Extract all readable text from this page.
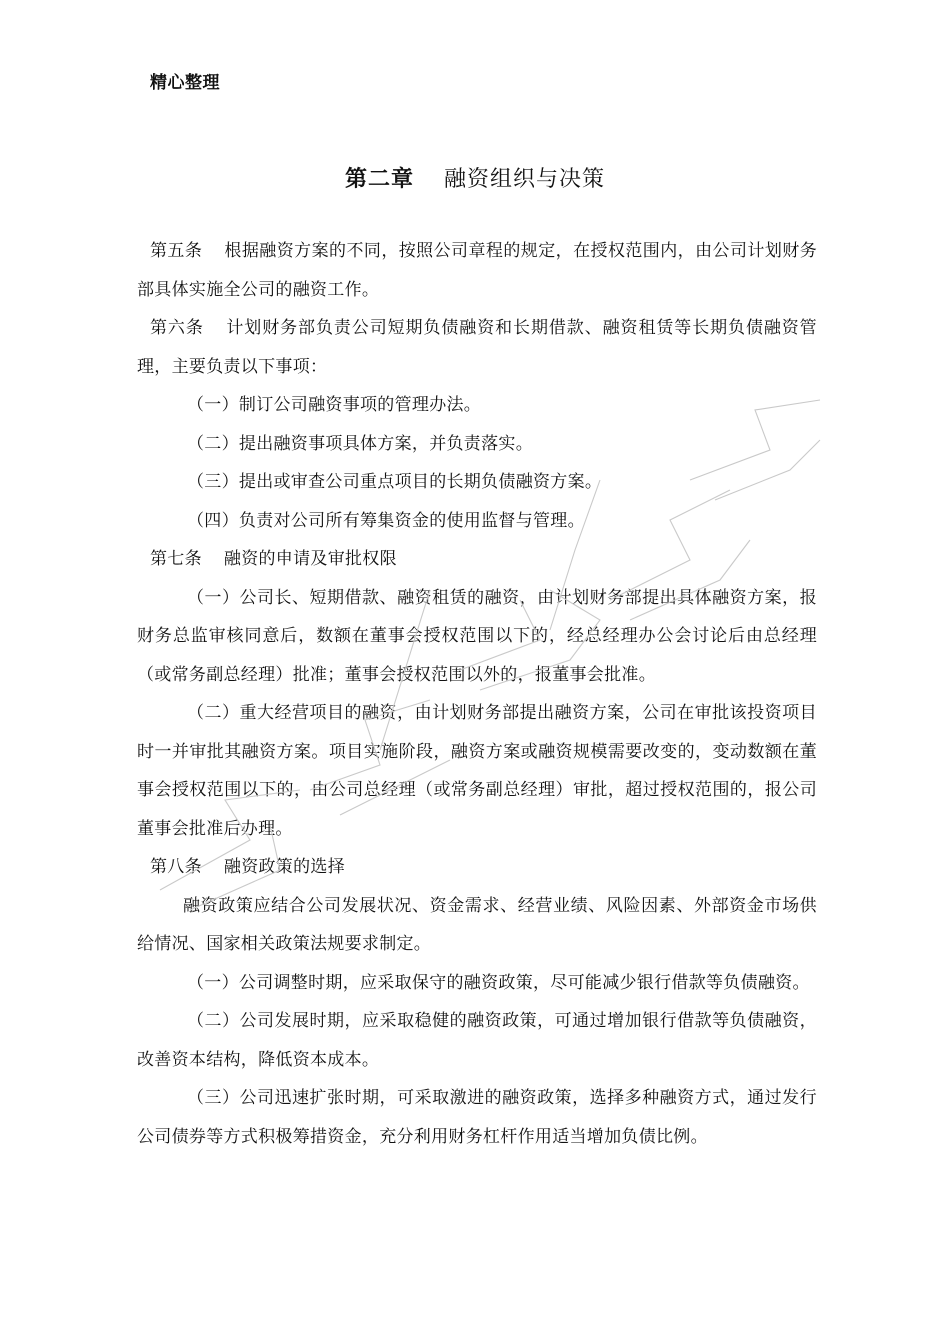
精心整理
第二章 融资组织与决策

第五条 根据融资方案的不同，按照公司章程的规定，在授权范围内，由公司计划财务部具体实施全公司的融资工作。

第六条 计划财务部负责公司短期负债融资和长期借款、融资租赁等长期负债融资管理，主要负责以下事项：

（一）制订公司融资事项的管理办法。

（二）提出融资事项具体方案，并负责落实。

（三）提出或审查公司重点项目的长期负债融资方案。

（四）负责对公司所有筹集资金的使用监督与管理。

第七条 融资的申请及审批权限

（一）公司长、短期借款、融资租赁的融资，由计划财务部提出具体融资方案，报财务总监审核同意后，数额在董事会授权范围以下的，经总经理办公会讨论后由总经理（或常务副总经理）批准；董事会授权范围以外的，报董事会批准。

（二）重大经营项目的融资，由计划财务部提出融资方案，公司在审批该投资项目时一并审批其融资方案。项目实施阶段，融资方案或融资规模需要改变的，变动数额在董事会授权范围以下的，由公司总经理（或常务副总经理）审批，超过授权范围的，报公司董事会批准后办理。

第八条 融资政策的选择

融资政策应结合公司发展状况、资金需求、经营业绩、风险因素、外部资金市场供给情况、国家相关政策法规要求制定。

（一）公司调整时期，应采取保守的融资政策，尽可能减少银行借款等负债融资。

（二）公司发展时期，应采取稳健的融资政策，可通过增加银行借款等负债融资，改善资本结构，降低资本成本。

（三）公司迅速扩张时期，可采取激进的融资政策，选择多种融资方式，通过发行公司债券等方式积极筹措资金，充分利用财务杠杆作用适当增加负债比例。
